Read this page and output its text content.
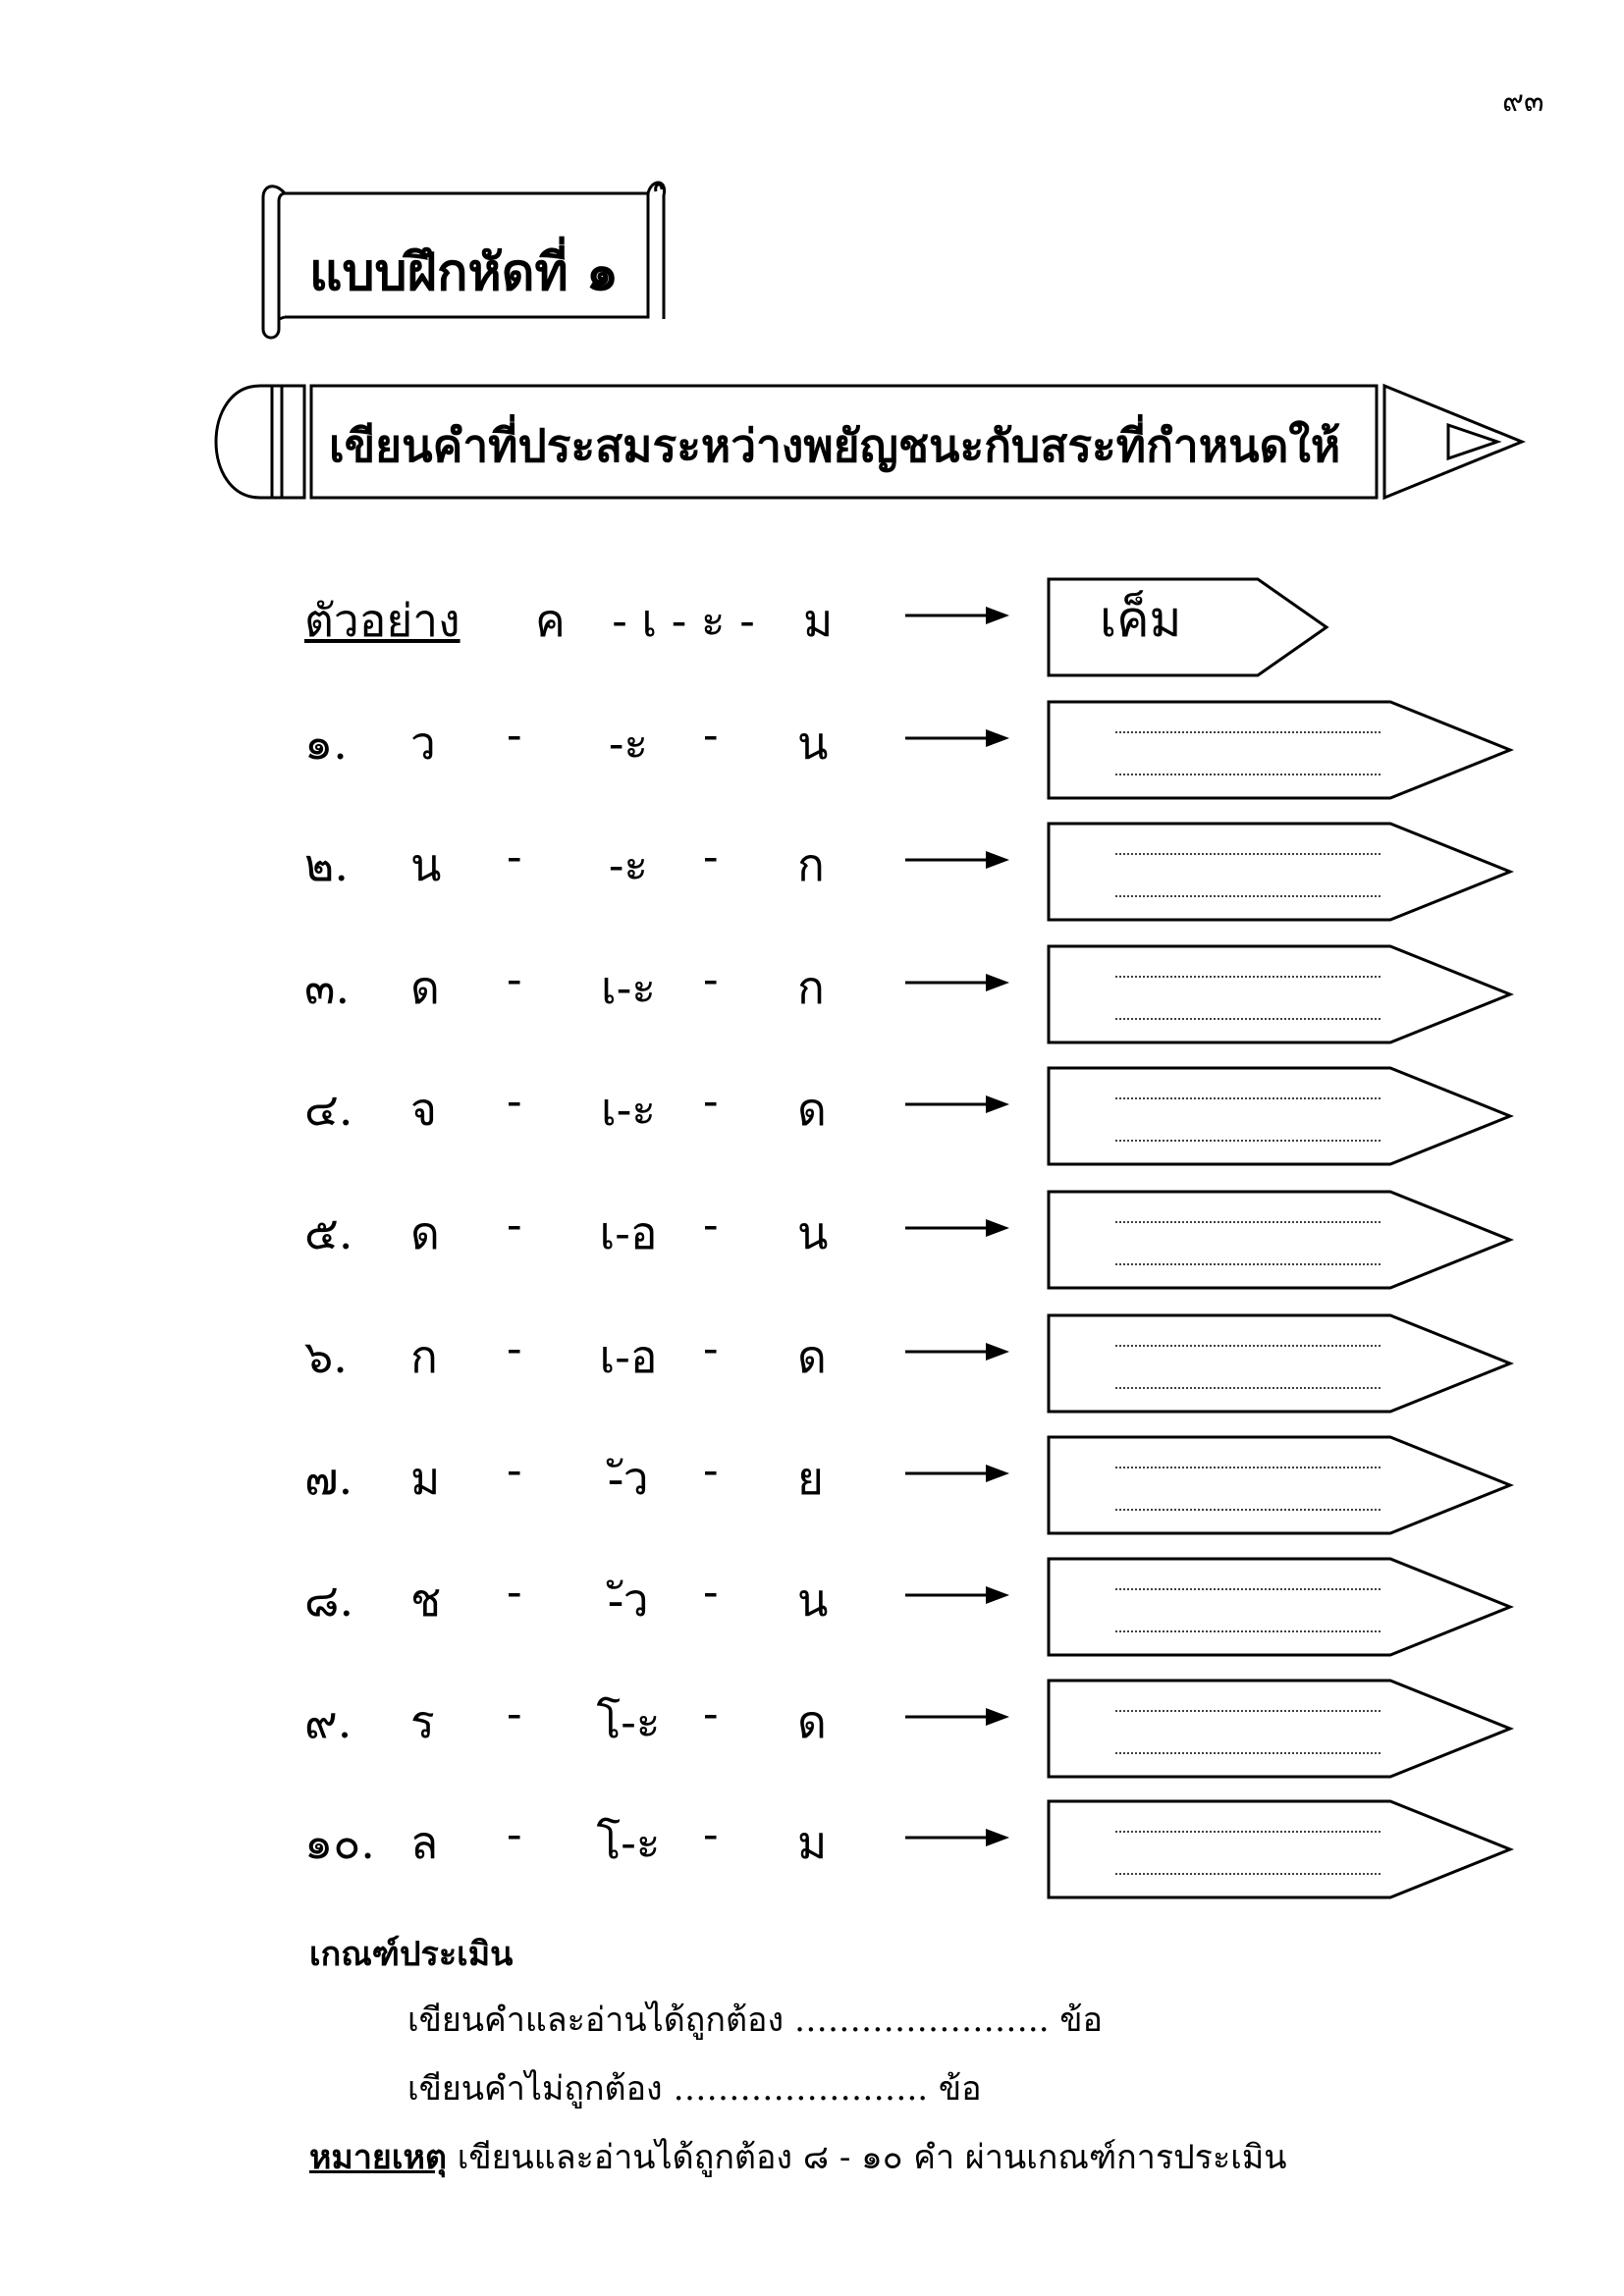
๙๓
แบบฝึกหัดที่ ๑
เขียนคำที่ประสมระหว่างพยัญชนะกับสระที่กำหนดให้
ตัวอย่าง ค	- เ - ะ -	ม	เค็ม
๑. ว -	-ะ	- น
๒. น -	-ะ	- ก
๓. ด -	เ-ะ	- ก
๔. จ -	เ-ะ	- ด
๕. ด -	เ-อ	- น
๖. ก -	เ-อ	- ด
๗. ม -	-ัว	- ย
๘. ช -	-ัว	- น
๙. ร -	โ-ะ - ด
๑๐. ล -	โ-ะ - ม
เกณฑ์ประเมิน
เขียนคำและอ่านได้ถูกต้อง ………………….. ข้อ
เขียนคำไม่ถูกต้อง ………………….. ข้อ
หมายเหตุ เขียนและอ่านได้ถูกต้อง ๘ - ๑๐ คำ ผ่านเกณฑ์การประเมิน
